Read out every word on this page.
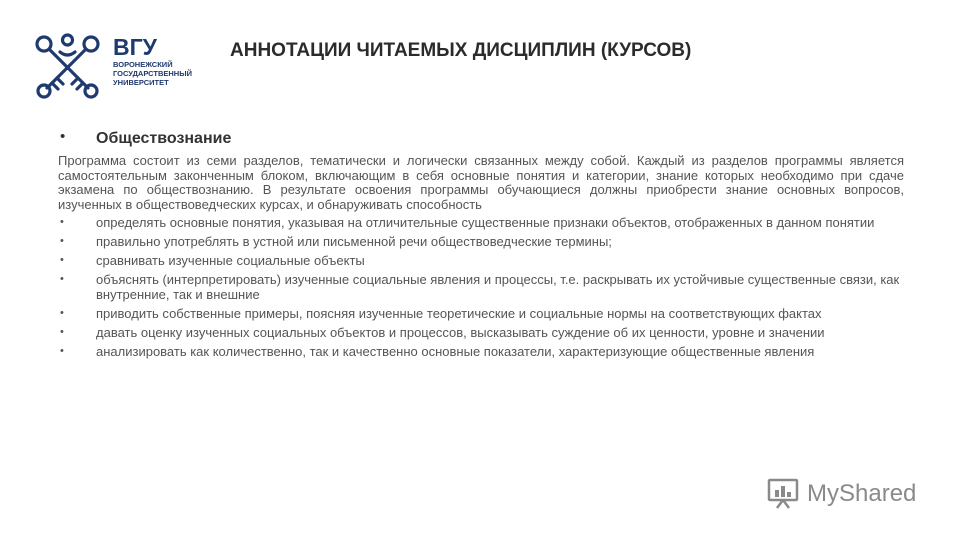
ВГУ
ВОРОНЕЖСКИЙ
ГОСУДАРСТВЕННЫЙ
УНИВЕРСИТЕТ
АННОТАЦИИ ЧИТАЕМЫХ ДИСЦИПЛИН (КУРСОВ)
• Обществознание

Программа состоит из семи разделов, тематически и логически связанных между собой. Каждый из разделов программы является самостоятельным законченным блоком, включающим в себя основные понятия и категории, знание которых необходимо при сдаче экзамена по обществознанию. В результате освоения программы обучающиеся должны приобрести знание основных вопросов, изученных в обществоведческих курсах, и обнаруживать способность

• определять основные понятия, указывая на отличительные существенные признаки объектов, отображенных в данном понятии
• правильно употреблять в устной или письменной речи обществоведческие термины;
• сравнивать изученные социальные объекты
• объяснять (интерпретировать) изученные социальные явления и процессы, т.е. раскрывать их устойчивые существенные связи, как внутренние, так и внешние
• приводить собственные примеры, поясняя изученные теоретические и социальные нормы на соответствующих фактах
• давать оценку изученных социальных объектов и процессов, высказывать суждение об их ценности, уровне и значении
• анализировать как количественно, так и качественно основные показатели, характеризующие общественные явления
MyShared
